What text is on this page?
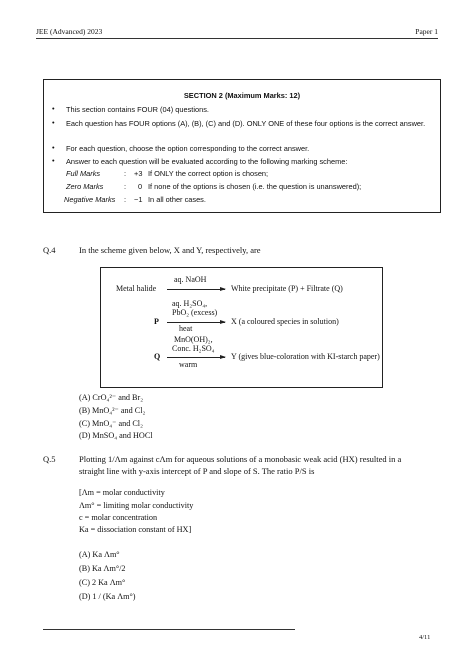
JEE (Advanced) 2023	Paper 1
SECTION 2 (Maximum Marks: 12)
• This section contains FOUR (04) questions.
• Each question has FOUR options (A), (B), (C) and (D). ONLY ONE of these four options is the correct answer.
• For each question, choose the option corresponding to the correct answer.
• Answer to each question will be evaluated according to the following marking scheme:
Full Marks	: +3 If ONLY the correct option is chosen;
Zero Marks	: 0 If none of the options is chosen (i.e. the question is unanswered);
Negative Marks : −1 In all other cases.
Q.4	In the scheme given below, X and Y, respectively, are
Metal halide
aq. NaOH
White precipitate (P) + Filtrate (Q)
P
aq. H₂SO₄,
PbO₂ (excess)
heat
X (a coloured species in solution)
Q
MnO(OH)₂,
Conc. H₂SO₄
warm
Y (gives blue-coloration with KI-starch paper)
(A) CrO₄²⁻ and Br₂
(B) MnO₄²⁻ and Cl₂
(C) MnO₄⁻ and Cl₂
(D) MnSO₄ and HOCl
Q.5	Plotting 1/Λm against cΛm for aqueous solutions of a monobasic weak acid (HX) resulted in a
straight line with y-axis intercept of P and slope of S. The ratio P/S is
[Λm = molar conductivity
Λm° = limiting molar conductivity
c = molar concentration
Ka = dissociation constant of HX]
(A) Ka Λm°
(B) Ka Λm°/2
(C) 2 Ka Λm°
(D) 1 / (Ka Λm°)
4/11
